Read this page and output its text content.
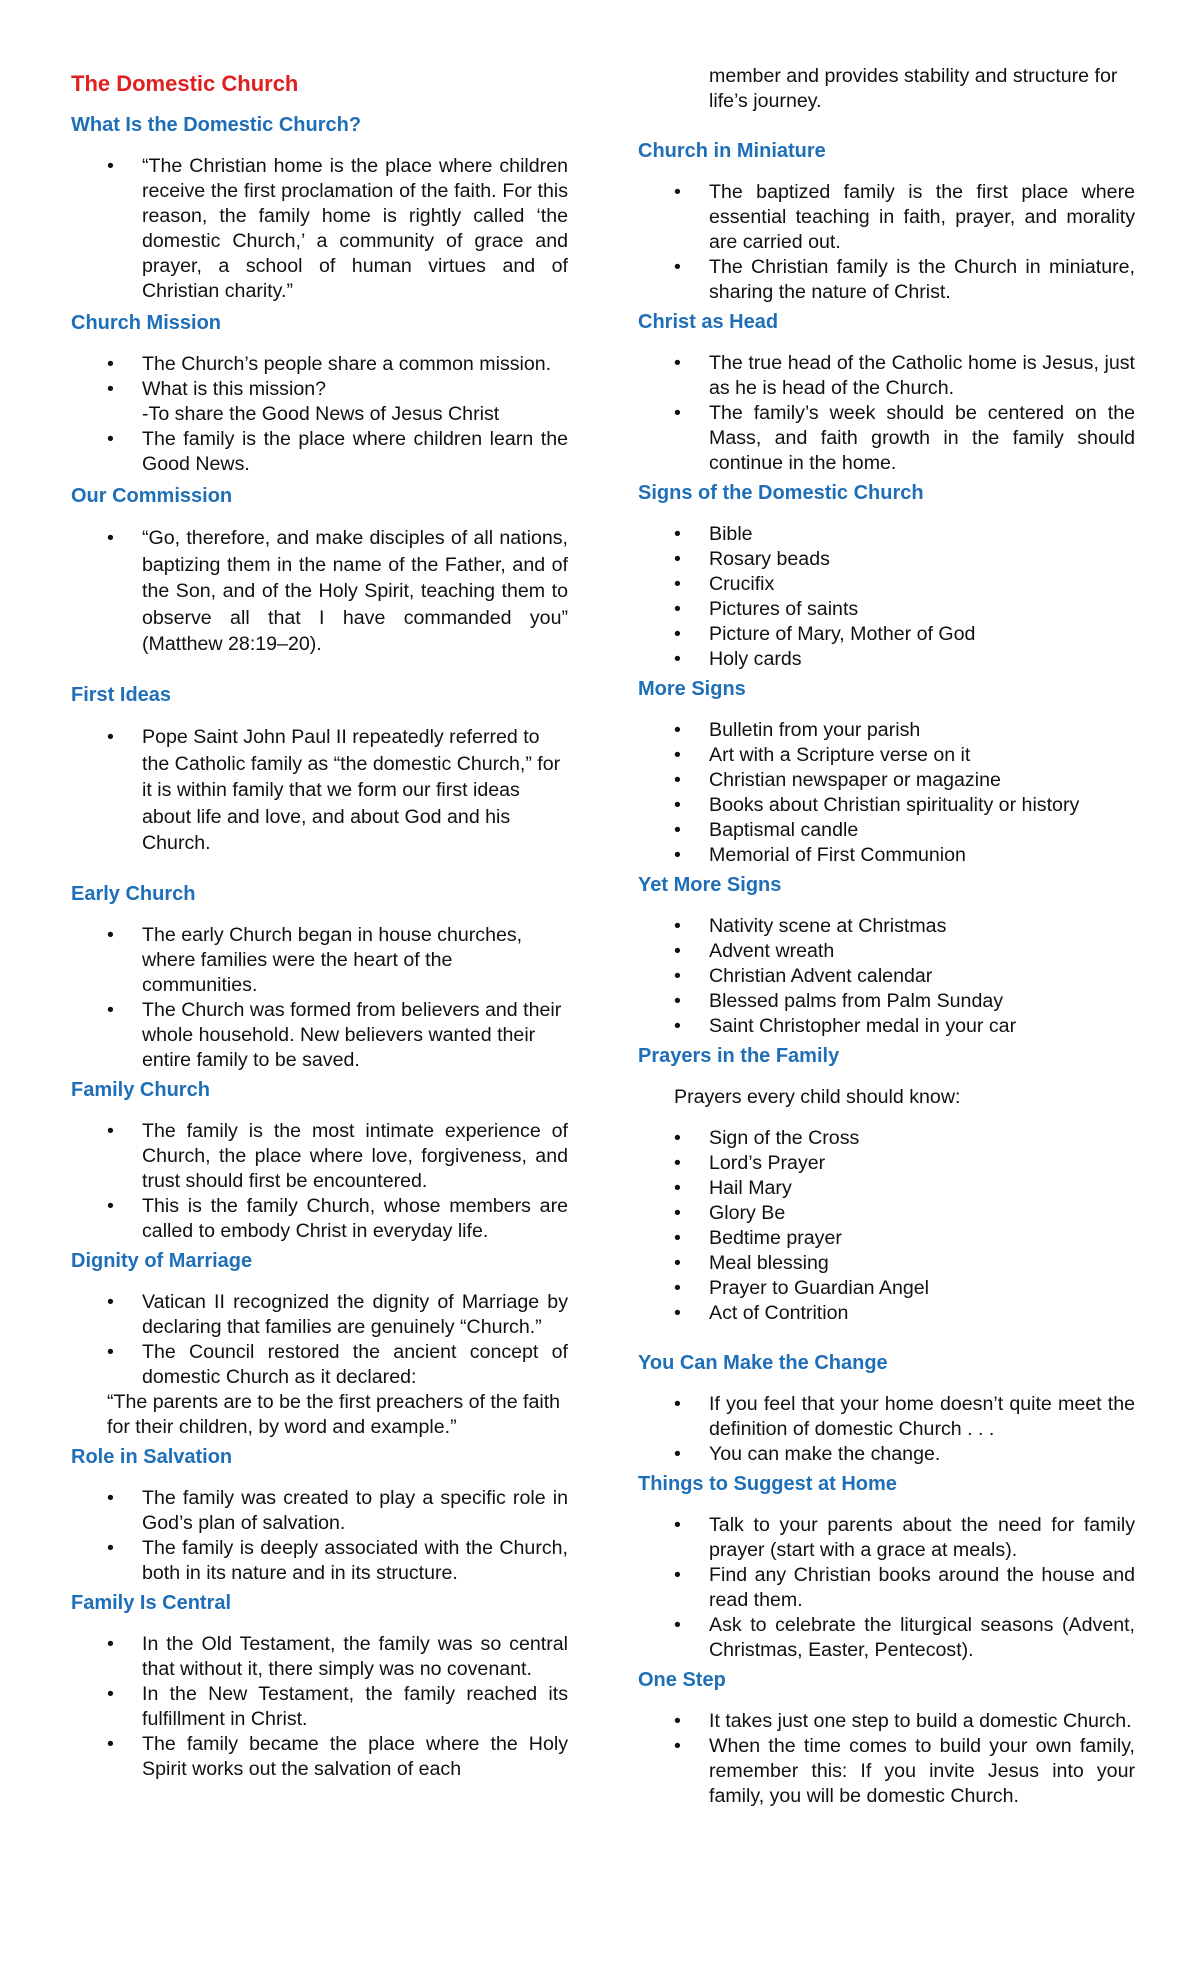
The Domestic Church
What Is the Domestic Church?
• “The Christian home is the place where children receive the first proclamation of the faith. For this reason, the family home is rightly called ‘the domestic Church,’ a community of grace and prayer, a school of human virtues and of Christian charity.”
Church Mission
• The Church’s people share a common mission.
• What is this mission?
-To share the Good News of Jesus Christ
• The family is the place where children learn the Good News.
Our Commission
• “Go, therefore, and make disciples of all nations, baptizing them in the name of the Father, and of the Son, and of the Holy Spirit, teaching them to observe all that I have commanded you” (Matthew 28:19–20).
First Ideas
• Pope Saint John Paul II repeatedly referred to the Catholic family as “the domestic Church,” for it is within family that we form our first ideas about life and love, and about God and his Church.
Early Church
• The early Church began in house churches, where families were the heart of the communities.
• The Church was formed from believers and their whole household. New believers wanted their entire family to be saved.
Family Church
• The family is the most intimate experience of Church, the place where love, forgiveness, and trust should first be encountered.
• This is the family Church, whose members are called to embody Christ in everyday life.
Dignity of Marriage
• Vatican II recognized the dignity of Marriage by declaring that families are genuinely “Church.”
• The Council restored the ancient concept of domestic Church as it declared:
“The parents are to be the first preachers of the faith for their children, by word and example.”
Role in Salvation
• The family was created to play a specific role in God’s plan of salvation.
• The family is deeply associated with the Church, both in its nature and in its structure.
Family Is Central
• In the Old Testament, the family was so central that without it, there simply was no covenant.
• In the New Testament, the family reached its fulfillment in Christ.
• The family became the place where the Holy Spirit works out the salvation of each
member and provides stability and structure for life’s journey.
Church in Miniature
• The baptized family is the first place where essential teaching in faith, prayer, and morality are carried out.
• The Christian family is the Church in miniature, sharing the nature of Christ.
Christ as Head
• The true head of the Catholic home is Jesus, just as he is head of the Church.
• The family’s week should be centered on the Mass, and faith growth in the family should continue in the home.
Signs of the Domestic Church
• Bible
• Rosary beads
• Crucifix
• Pictures of saints
• Picture of Mary, Mother of God
• Holy cards
More Signs
• Bulletin from your parish
• Art with a Scripture verse on it
• Christian newspaper or magazine
• Books about Christian spirituality or history
• Baptismal candle
• Memorial of First Communion
Yet More Signs
• Nativity scene at Christmas
• Advent wreath
• Christian Advent calendar
• Blessed palms from Palm Sunday
• Saint Christopher medal in your car
Prayers in the Family
Prayers every child should know:
• Sign of the Cross
• Lord’s Prayer
• Hail Mary
• Glory Be
• Bedtime prayer
• Meal blessing
• Prayer to Guardian Angel
• Act of Contrition
You Can Make the Change
• If you feel that your home doesn’t quite meet the definition of domestic Church . . .
• You can make the change.
Things to Suggest at Home
• Talk to your parents about the need for family prayer (start with a grace at meals).
• Find any Christian books around the house and read them.
• Ask to celebrate the liturgical seasons (Advent, Christmas, Easter, Pentecost).
One Step
• It takes just one step to build a domestic Church.
• When the time comes to build your own family, remember this: If you invite Jesus into your family, you will be domestic Church.
